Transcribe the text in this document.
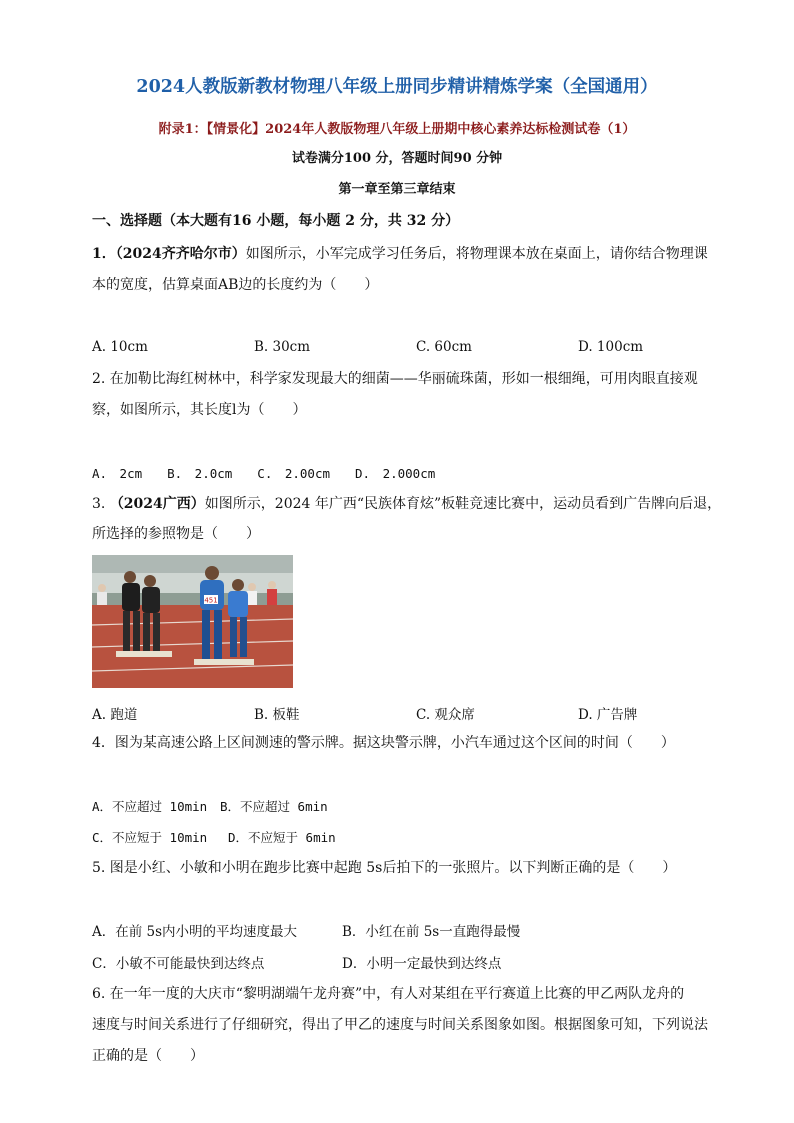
2024人教版新教材物理八年级上册同步精讲精炼学案（全国通用）
附录1：【情景化】2024年人教版物理八年级上册期中核心素养达标检测试卷（1）
试卷满分100 分，答题时间90 分钟
第一章至第三章结束
一、选择题（本大题有16 小题，每小题 2 分，共 32 分）
1．（2024齐齐哈尔市）如图所示，小军完成学习任务后，将物理课本放在桌面上，请你结合物理课
本的宽度，估算桌面AB边的长度约为（　　）
A. 10cm	B. 30cm	C. 60cm	D. 100cm
2. 在加勒比海红树林中，科学家发现最大的细菌——华丽硫珠菌，形如一根细绳，可用肉眼直接观
察，如图所示，其长度l为（　　）
A.　2cm　　B.　2.0cm　　C.　2.00cm　　D.　2.000cm
3. （2024广西）如图所示，2024 年广西“民族体育炫”板鞋竞速比赛中，运动员看到广告牌向后退，
所选择的参照物是（　　）
451
A. 跑道	B. 板鞋	C. 观众席	D. 广告牌
4．图为某高速公路上区间测速的警示牌。据这块警示牌，小汽车通过这个区间的时间（　　）
A．不应超过 10min B．不应超过 6min
C．不应短于 10min D．不应短于 6min
5. 图是小红、小敏和小明在跑步比赛中起跑 5s后拍下的一张照片。以下判断正确的是（　　）
A．在前 5s内小明的平均速度最大	B．小红在前 5s一直跑得最慢
C．小敏不可能最快到达终点	D．小明一定最快到达终点
6. 在一年一度的大庆市“黎明湖端午龙舟赛”中，有人对某组在平行赛道上比赛的甲乙两队龙舟的
速度与时间关系进行了仔细研究，得出了甲乙的速度与时间关系图象如图。根据图象可知，下列说法
正确的是（　　）
